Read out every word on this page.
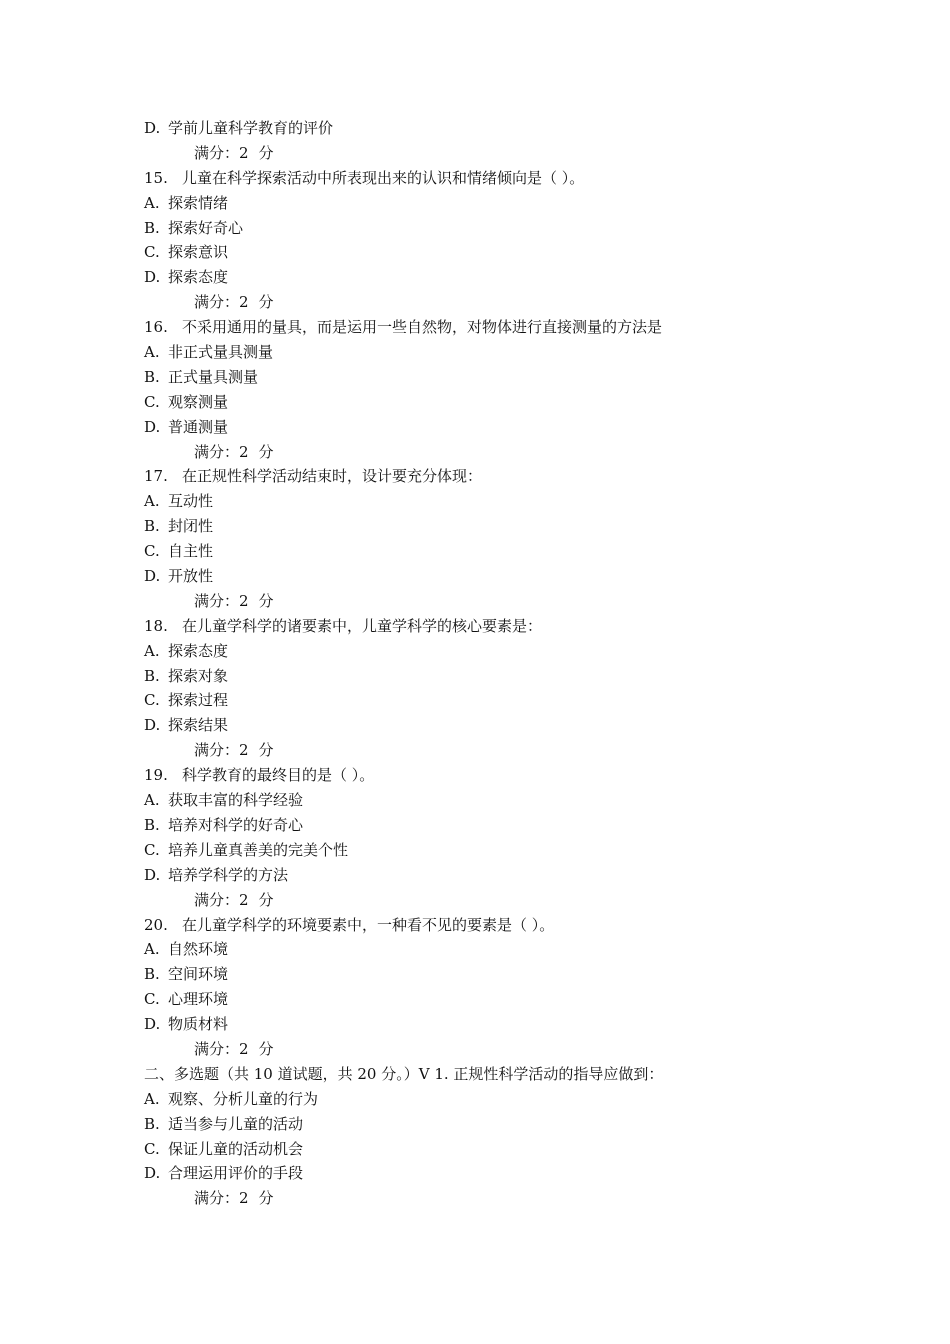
D. 学前儿童科学教育的评价
满分：2 分
15. 儿童在科学探索活动中所表现出来的认识和情绪倾向是（ ）。
A. 探索情绪
B. 探索好奇心
C. 探索意识
D. 探索态度
满分：2 分
16. 不采用通用的量具，而是运用一些自然物，对物体进行直接测量的方法是
A. 非正式量具测量
B. 正式量具测量
C. 观察测量
D. 普通测量
满分：2 分
17. 在正规性科学活动结束时，设计要充分体现：
A. 互动性
B. 封闭性
C. 自主性
D. 开放性
满分：2 分
18. 在儿童学科学的诸要素中，儿童学科学的核心要素是：
A. 探索态度
B. 探索对象
C. 探索过程
D. 探索结果
满分：2 分
19. 科学教育的最终目的是（ ）。
A. 获取丰富的科学经验
B. 培养对科学的好奇心
C. 培养儿童真善美的完美个性
D. 培养学科学的方法
满分：2 分
20. 在儿童学科学的环境要素中，一种看不见的要素是（ ）。
A. 自然环境
B. 空间环境
C. 心理环境
D. 物质材料
满分：2 分
二、多选题（共 10 道试题，共 20 分。）V 1. 正规性科学活动的指导应做到：
A. 观察、分析儿童的行为
B. 适当参与儿童的活动
C. 保证儿童的活动机会
D. 合理运用评价的手段
满分：2 分
